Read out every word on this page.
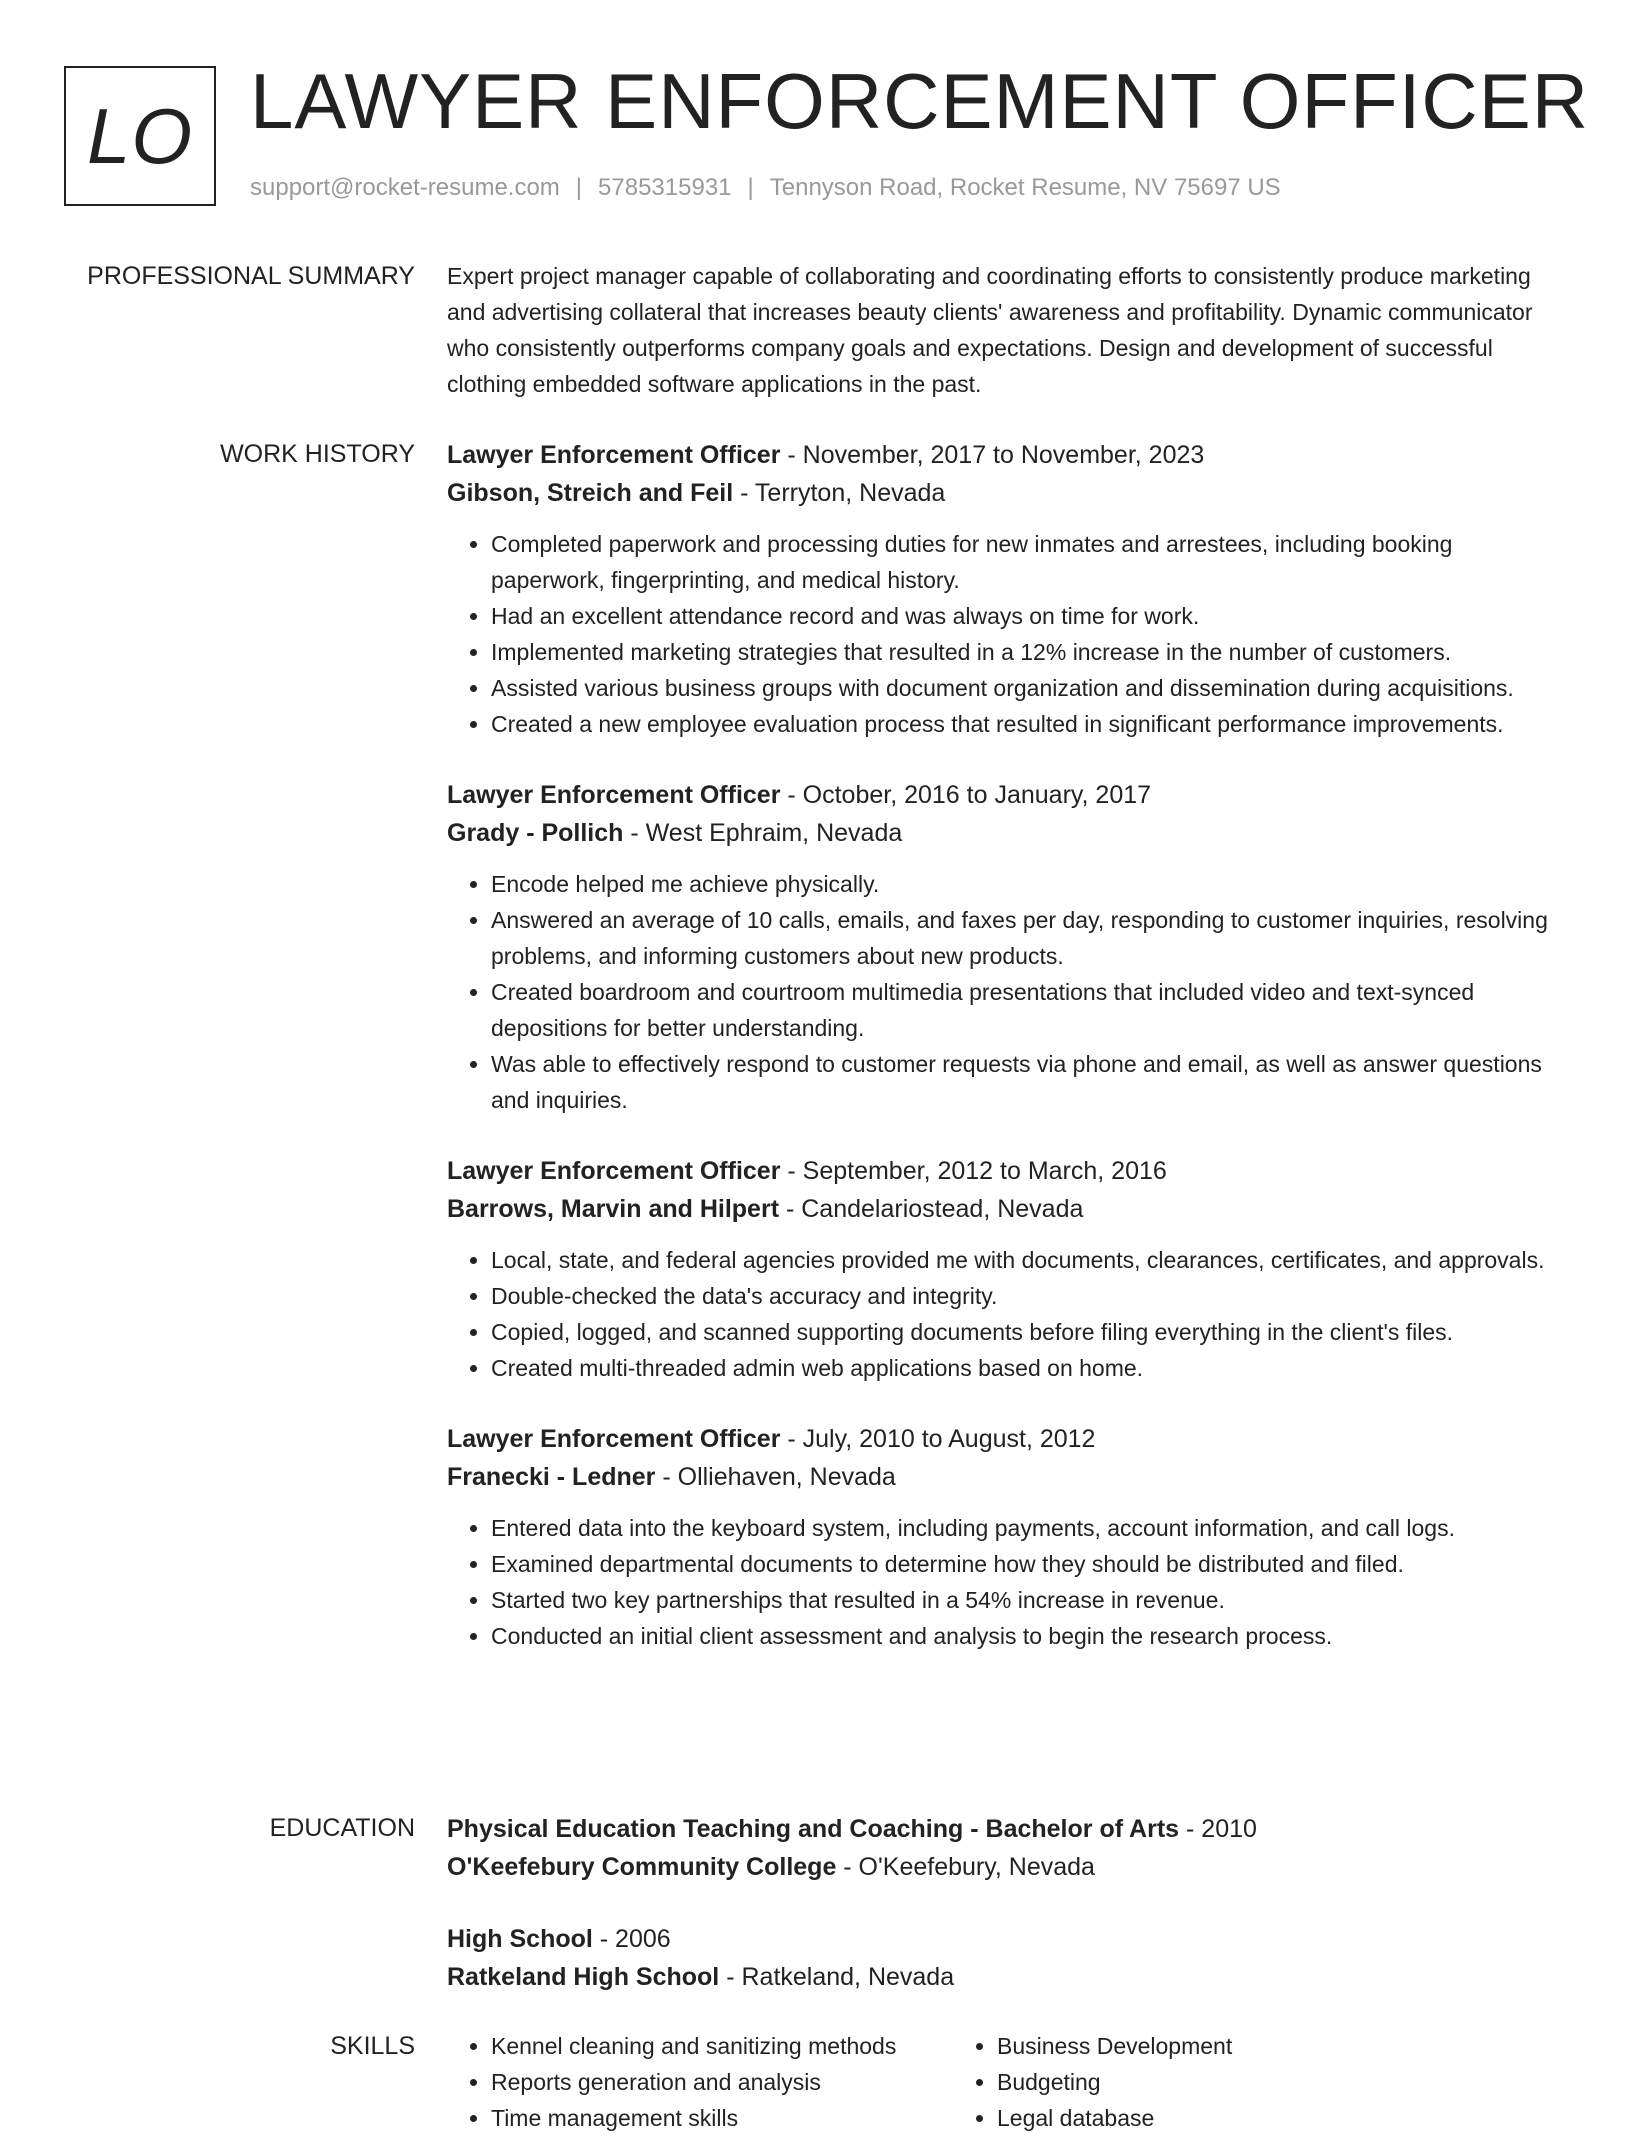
LO LAWYER ENFORCEMENT OFFICER
support@rocket-resume.com | 5785315931 | Tennyson Road, Rocket Resume, NV 75697 US
PROFESSIONAL SUMMARY Expert project manager capable of collaborating and coordinating efforts to consistently produce marketing and advertising collateral that increases beauty clients' awareness and profitability. Dynamic communicator who consistently outperforms company goals and expectations. Design and development of successful clothing embedded software applications in the past.
WORK HISTORY Lawyer Enforcement Officer - November, 2017 to November, 2023
Gibson, Streich and Feil - Terryton, Nevada
• Completed paperwork and processing duties for new inmates and arrestees, including booking paperwork, fingerprinting, and medical history.
• Had an excellent attendance record and was always on time for work.
• Implemented marketing strategies that resulted in a 12% increase in the number of customers.
• Assisted various business groups with document organization and dissemination during acquisitions.
• Created a new employee evaluation process that resulted in significant performance improvements.
Lawyer Enforcement Officer - October, 2016 to January, 2017
Grady - Pollich - West Ephraim, Nevada
• Encode helped me achieve physically.
• Answered an average of 10 calls, emails, and faxes per day, responding to customer inquiries, resolving problems, and informing customers about new products.
• Created boardroom and courtroom multimedia presentations that included video and text-synced depositions for better understanding.
• Was able to effectively respond to customer requests via phone and email, as well as answer questions and inquiries.
Lawyer Enforcement Officer - September, 2012 to March, 2016
Barrows, Marvin and Hilpert - Candelariostead, Nevada
• Local, state, and federal agencies provided me with documents, clearances, certificates, and approvals.
• Double-checked the data's accuracy and integrity.
• Copied, logged, and scanned supporting documents before filing everything in the client's files.
• Created multi-threaded admin web applications based on home.
Lawyer Enforcement Officer - July, 2010 to August, 2012
Franecki - Ledner - Olliehaven, Nevada
• Entered data into the keyboard system, including payments, account information, and call logs.
• Examined departmental documents to determine how they should be distributed and filed.
• Started two key partnerships that resulted in a 54% increase in revenue.
• Conducted an initial client assessment and analysis to begin the research process.
EDUCATION Physical Education Teaching and Coaching - Bachelor of Arts - 2010
O'Keefebury Community College - O'Keefebury, Nevada
High School - 2006
Ratkeland High School - Ratkeland, Nevada
SKILLS
•	Kennel cleaning and sanitizing methods
• Reports generation and analysis
• Time management skills
• Business Development
• Budgeting
• Legal database
